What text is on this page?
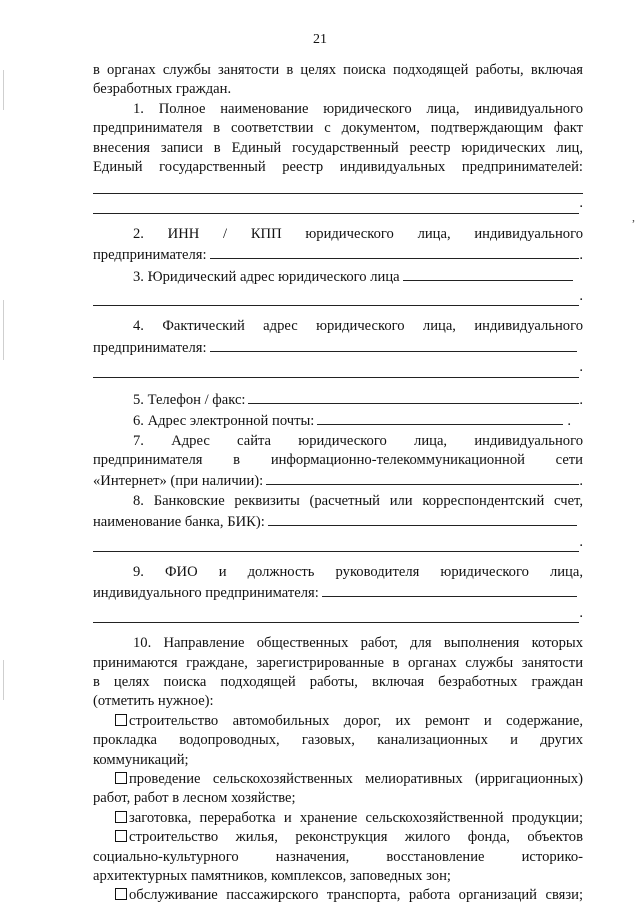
,
21

в органах службы занятости в целях поиска подходящей работы, включая

безработных граждан.

1. Полное наименование юридического лица, индивидуального

предпринимателя в соответствии с документом, подтверждающим факт

внесения записи в Единый государственный реестр юридических лиц,

Единый государственный реестр индивидуальных предпринимателей:

.

2. ИНН / КПП юридического лица, индивидуального

предпринимателя:	.
3. Юридический адрес юридического лица
.

4. Фактический адрес юридического лица, индивидуального

предпринимателя:
.
5. Телефон / факс:	.
6. Адрес электронной почты:	.

7. Адрес сайта юридического лица, индивидуального

предпринимателя в информационно-телекоммуникационной сети

«Интернет» (при наличии):	.

8. Банковские реквизиты (расчетный или корреспондентский счет,

наименование банка, БИК):
.

9. ФИО и должность руководителя юридического лица,

индивидуального предпринимателя:
.

10. Направление общественных работ, для выполнения которых

принимаются граждане, зарегистрированные в органах службы занятости

в целях поиска подходящей работы, включая безработных граждан

(отметить нужное):

строительство автомобильных дорог, их ремонт и содержание,

прокладка водопроводных, газовых, канализационных и других

коммуникаций;

проведение сельскохозяйственных мелиоративных (ирригационных)

работ, работ в лесном хозяйстве;

заготовка, переработка и хранение сельскохозяйственной продукции;

строительство жилья, реконструкция жилого фонда, объектов

социально-культурного назначения, восстановление историко-

архитектурных памятников, комплексов, заповедных зон;

обслуживание пассажирского транспорта, работа организаций связи;
